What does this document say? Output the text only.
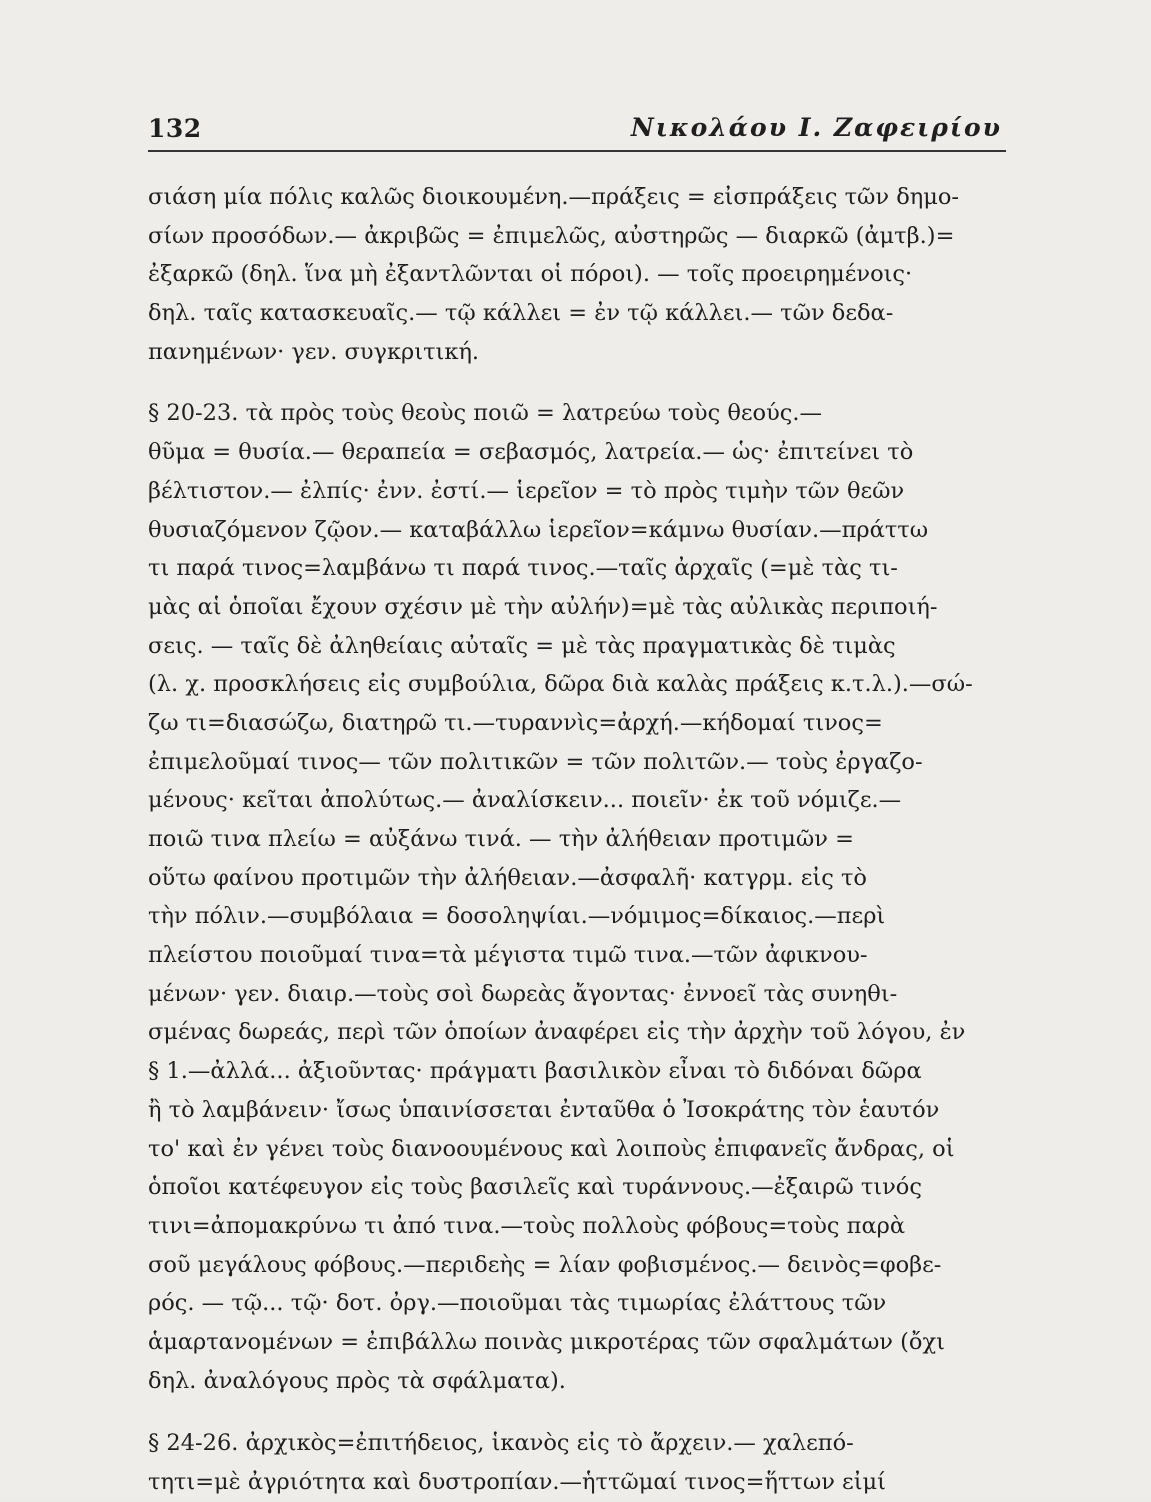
132	Νικολάου Ι. Ζαφειρίου
σιάση μία πόλις καλῶς διοικουμένη.—πράξεις = εἰσπράξεις τῶν δημο-
σίων προσόδων.— ἀκριβῶς = ἐπιμελῶς, αὐστηρῶς — διαρκῶ (ἀμτβ.)=
ἐξαρκῶ (δηλ. ἵνα μὴ ἐξαντλῶνται οἱ πόροι). — τοῖς προειρημένοις·
δηλ. ταῖς κατασκευαῖς.— τῷ κάλλει = ἐν τῷ κάλλει.— τῶν δεδα-
πανημένων· γεν. συγκριτική.
§ 20-23. τὰ πρὸς τοὺς θεοὺς ποιῶ = λατρεύω τοὺς θεούς.—
θῦμα = θυσία.— θεραπεία = σεβασμός, λατρεία.— ὡς· ἐπιτείνει τὸ
βέλτιστον.— ἐλπίς· ἐνν. ἐστί.— ἱερεῖον = τὸ πρὸς τιμὴν τῶν θεῶν
θυσιαζόμενον ζῷον.— καταβάλλω ἱερεῖον=κάμνω θυσίαν.—πράττω
τι παρά τινος=λαμβάνω τι παρά τινος.—ταῖς ἀρχαῖς (=μὲ τὰς τι-
μὰς αἱ ὁποῖαι ἔχουν σχέσιν μὲ τὴν αὐλήν)=μὲ τὰς αὐλικὰς περιποιή-
σεις. — ταῖς δὲ ἀληθείαις αὐταῖς = μὲ τὰς πραγματικὰς δὲ τιμὰς
(λ. χ. προσκλήσεις εἰς συμβούλια, δῶρα διὰ καλὰς πράξεις κ.τ.λ.).—σώ-
ζω τι=διασώζω, διατηρῶ τι.—τυραννὶς=ἀρχή.—κήδομαί τινος=
ἐπιμελοῦμαί τινος— τῶν πολιτικῶν = τῶν πολιτῶν.— τοὺς ἐργαζο-
μένους· κεῖται ἀπολύτως.— ἀναλίσκειν... ποιεῖν· ἐκ τοῦ νόμιζε.—
ποιῶ τινα πλείω = αὐξάνω τινά. — τὴν ἀλήθειαν προτιμῶν =
οὕτω φαίνου προτιμῶν τὴν ἀλήθειαν.—ἀσφαλῆ· κατγρμ. εἰς τὸ
τὴν πόλιν.—συμβόλαια = δοσοληψίαι.—νόμιμος=δίκαιος.—περὶ
πλείστου ποιοῦμαί τινα=τὰ μέγιστα τιμῶ τινα.—τῶν ἀφικνου-
μένων· γεν. διαιρ.—τοὺς σοὶ δωρεὰς ἄγοντας· ἐννοεῖ τὰς συνηθι-
σμένας δωρεάς, περὶ τῶν ὁποίων ἀναφέρει εἰς τὴν ἀρχὴν τοῦ λόγου, ἐν
§ 1.—ἀλλά... ἀξιοῦντας· πράγματι βασιλικὸν εἶναι τὸ διδόναι δῶρα
ἢ τὸ λαμβάνειν· ἴσως ὑπαινίσσεται ἐνταῦθα ὁ Ἰσοκράτης τὸν ἑαυτόν
το' καὶ ἐν γένει τοὺς διανοουμένους καὶ λοιποὺς ἐπιφανεῖς ἄνδρας, οἱ
ὁποῖοι κατέφευγον εἰς τοὺς βασιλεῖς καὶ τυράννους.—ἐξαιρῶ τινός
τινι=ἀπομακρύνω τι ἀπό τινα.—τοὺς πολλοὺς φόβους=τοὺς παρὰ
σοῦ μεγάλους φόβους.—περιδεὴς = λίαν φοβισμένος.— δεινὸς=φοβε-
ρός. — τῷ... τῷ· δοτ. ὀργ.—ποιοῦμαι τὰς τιμωρίας ἐλάττους τῶν
ἁμαρτανομένων = ἐπιβάλλω ποινὰς μικροτέρας τῶν σφαλμάτων (ὄχι
δηλ. ἀναλόγους πρὸς τὰ σφάλματα).
§ 24-26. ἀρχικὸς=ἐπιτήδειος, ἱκανὸς εἰς τὸ ἄρχειν.— χαλεπό-
τητι=μὲ ἀγριότητα καὶ δυστροπίαν.—ἡττῶμαί τινος=ἥττων εἰμί
